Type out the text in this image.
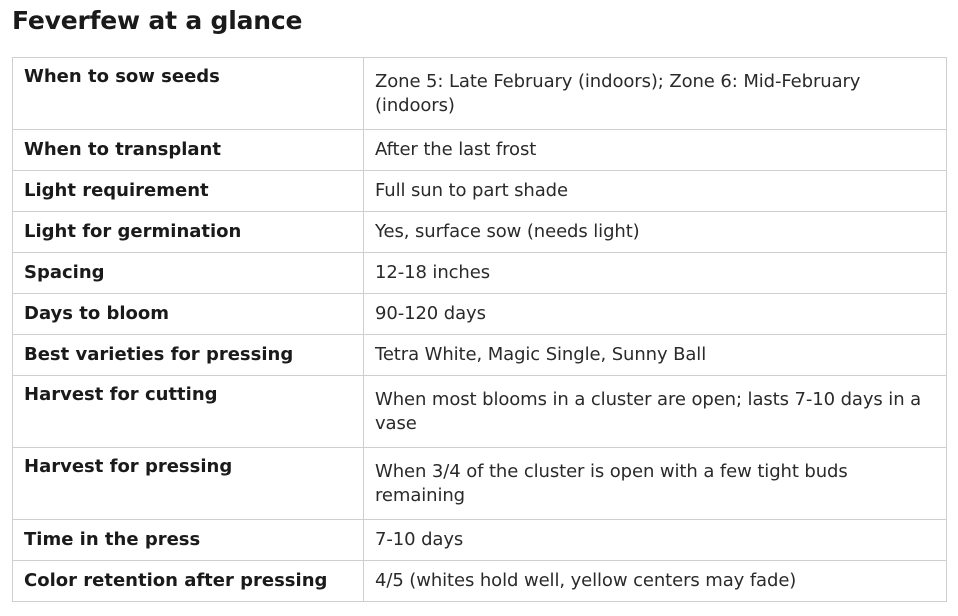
Feverfew at a glance
When to sow seeds	Zone 5: Late February (indoors); Zone 6: Mid-February (indoors)
When to transplant	After the last frost
Light requirement	Full sun to part shade
Light for germination	Yes, surface sow (needs light)
Spacing	12-18 inches
Days to bloom	90-120 days
Best varieties for pressing	Tetra White, Magic Single, Sunny Ball
Harvest for cutting	When most blooms in a cluster are open; lasts 7-10 days in a vase
Harvest for pressing	When 3/4 of the cluster is open with a few tight buds remaining
Time in the press	7-10 days
Color retention after pressing	4/5 (whites hold well, yellow centers may fade)
